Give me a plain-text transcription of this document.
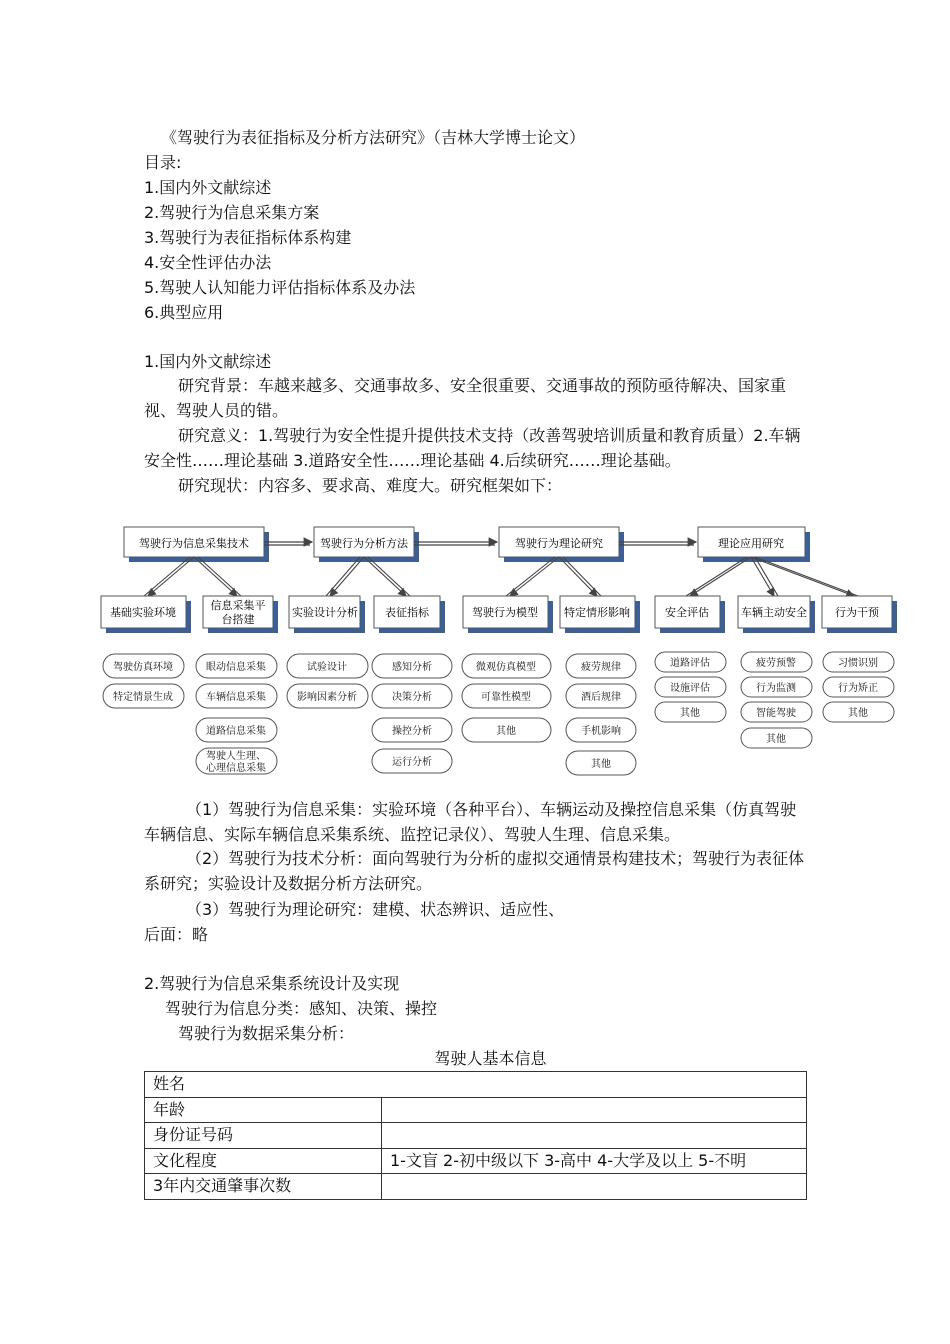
《驾驶行为表征指标及分析方法研究》（吉林大学博士论文）
目录:
1.国内外文献综述
2.驾驶行为信息采集方案
3.驾驶行为表征指标体系构建
4.安全性评估办法
5.驾驶人认知能力评估指标体系及办法
6.典型应用
1.国内外文献综述
研究背景：车越来越多、交通事故多、安全很重要、交通事故的预防亟待解决、国家重视、驾驶人员的错。
研究意义：1.驾驶行为安全性提升提供技术支持（改善驾驶培训质量和教育质量）2.车辆安全性……理论基础 3.道路安全性……理论基础 4.后续研究……理论基础。
研究现状：内容多、要求高、难度大。研究框架如下：
驾驶行为信息采集技术	驾驶行为分析方法	驾驶行为理论研究	理论应用研究
基础实验环境
信息采集平
台搭建
实验设计分析 表征指标	驾驶行为模型 特定情形影响	安全评估	车辆主动安全	行为干预
驾驶仿真环境
特定情景生成
眼动信息采集
车辆信息采集
道路信息采集
驾驶人生理、
心理信息采集
试验设计
影响因素分析
感知分析
决策分析
操控分析
运行分析
微观仿真模型
可靠性模型
其他
疲劳规律
酒后规律
手机影响
其他
道路评估
设施评估
其他
疲劳预警
行为监测
智能驾驶
其他
习惯识别
行为矫正
其他
（1）驾驶行为信息采集：实验环境（各种平台）、车辆运动及操控信息采集（仿真驾驶车辆信息、实际车辆信息采集系统、监控记录仪）、驾驶人生理、信息采集。
（2）驾驶行为技术分析：面向驾驶行为分析的虚拟交通情景构建技术；驾驶行为表征体系研究；实验设计及数据分析方法研究。
（3）驾驶行为理论研究：建模、状态辨识、适应性、
后面：略
2.驾驶行为信息采集系统设计及实现
驾驶行为信息分类：感知、决策、操控
驾驶行为数据采集分析：
驾驶人基本信息
姓名	
年龄	
身份证号码	
文化程度	1-文盲 2-初中级以下 3-高中 4-大学及以上 5-不明
3年内交通肇事次数	
